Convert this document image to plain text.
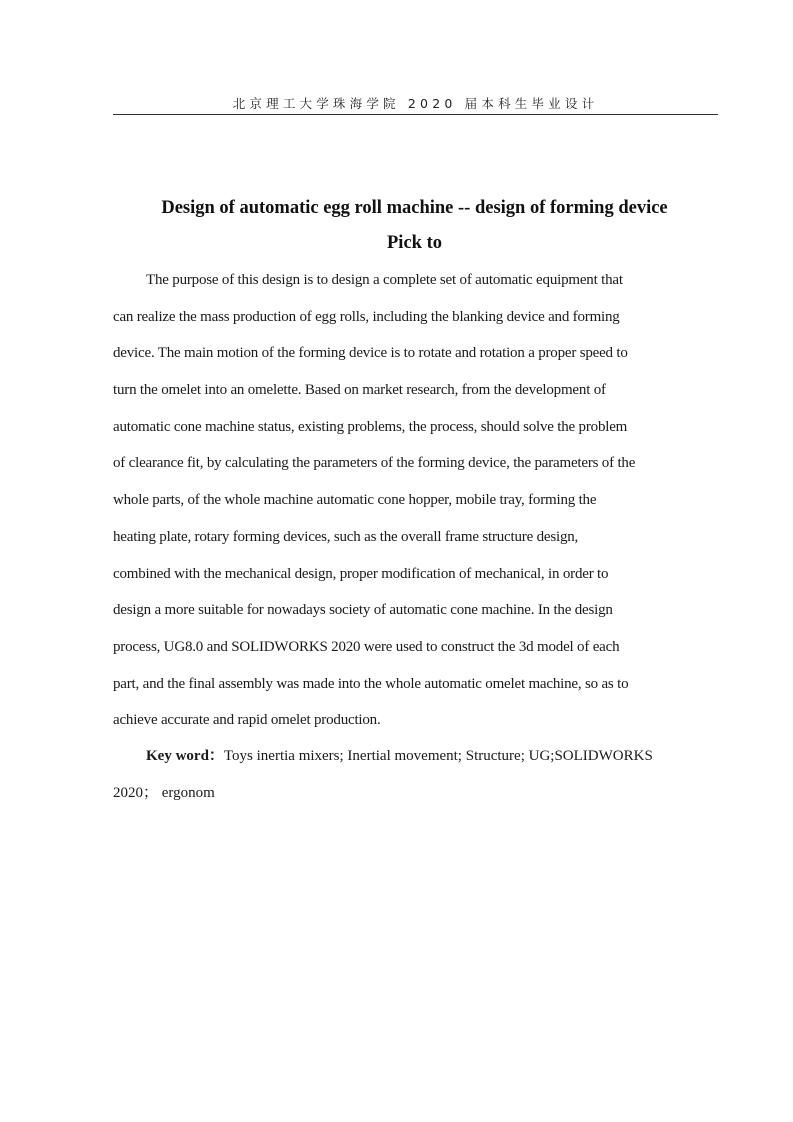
北京理工大学珠海学院 2020 届本科生毕业设计
Design of automatic egg roll machine -- design of forming device
Pick to
The purpose of this design is to design a complete set of automatic equipment that
can realize the mass production of egg rolls, including the blanking device and forming
device. The main motion of the forming device is to rotate and rotation a proper speed to
turn the omelet into an omelette. Based on market research, from the development of
automatic cone machine status, existing problems, the process, should solve the problem
of clearance fit, by calculating the parameters of the forming device, the parameters of the
whole parts, of the whole machine automatic cone hopper, mobile tray, forming the
heating plate, rotary forming devices, such as the overall frame structure design,
combined with the mechanical design, proper modification of mechanical, in order to
design a more suitable for nowadays society of automatic cone machine. In the design
process, UG8.0 and SOLIDWORKS 2020 were used to construct the 3d model of each
part, and the final assembly was made into the whole automatic omelet machine, so as to
achieve accurate and rapid omelet production.
Key word：Toys inertia mixers; Inertial movement; Structure; UG;SOLIDWORKS
2020； ergonom
